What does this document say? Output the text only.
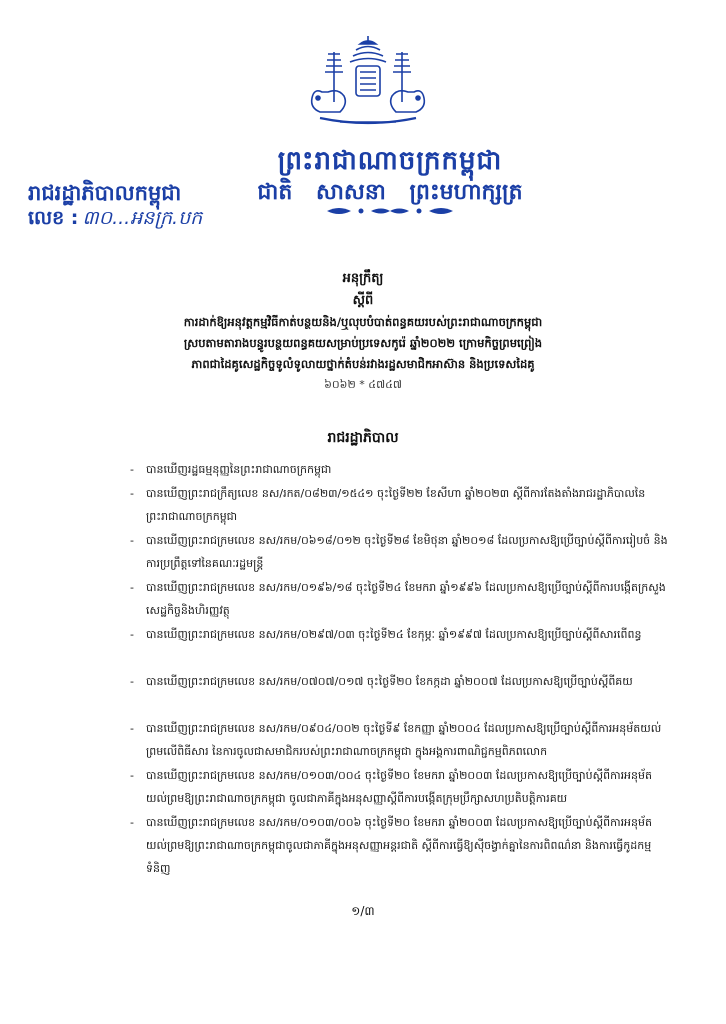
ព្រះរាជាណាចក្រកម្ពុជា
ជាតិ សាសនា ព្រះមហាក្សត្រ
រាជរដ្ឋាភិបាលកម្ពុជា
លេខ : ៣០...អនក្រ.បក
អនុក្រឹត្យ
ស្តីពី
ការដាក់ឱ្យអនុវត្តកម្មវិធីកាត់បន្ថយនិង/ឬលុបបំបាត់ពន្ធគយរបស់ព្រះរាជាណាចក្រកម្ពុជា
ស្របតាមតារាងបន្ធូរបន្ថយពន្ធគយសម្រាប់ប្រទេសកូរ៉េ ឆ្នាំ២០២២ ក្រោមកិច្ចព្រមព្រៀង
ភាពជាដៃគូសេដ្ឋកិច្ចទូលំទូលាយថ្នាក់តំបន់រវាងរដ្ឋសមាជិកអាស៊ាន និងប្រទេសដៃគូ
៦០៦២ * ៤៧៤៧
រាជរដ្ឋាភិបាល
- បានឃើញរដ្ឋធម្មនុញ្ញនៃព្រះរាជាណាចក្រកម្ពុជា
- បានឃើញព្រះរាជក្រឹត្យលេខ នស/រកត/០៨២៣/១៥៤១ ចុះថ្ងៃទី២២ ខែសីហា ឆ្នាំ២០២៣ ស្តីពីការតែងតាំងរាជរដ្ឋាភិបាលនៃព្រះរាជាណាចក្រកម្ពុជា
- បានឃើញព្រះរាជក្រមលេខ នស/រកម/០៦១៨/០១២ ចុះថ្ងៃទី២៨ ខែមិថុនា ឆ្នាំ២០១៨ ដែលប្រកាសឱ្យប្រើច្បាប់ស្តីពីការរៀបចំ និងការប្រព្រឹត្តទៅនៃគណៈរដ្ឋមន្ត្រី
- បានឃើញព្រះរាជក្រមលេខ នស/រកម/០១៩៦/១៨ ចុះថ្ងៃទី២៤ ខែមករា ឆ្នាំ១៩៩៦ ដែលប្រកាសឱ្យប្រើច្បាប់ស្តីពីការបង្កើតក្រសួងសេដ្ឋកិច្ចនិងហិរញ្ញវត្ថុ
- បានឃើញព្រះរាជក្រមលេខ នស/រកម/០២៩៧/០៣ ចុះថ្ងៃទី២៤ ខែកុម្ភៈ ឆ្នាំ១៩៩៧ ដែលប្រកាសឱ្យប្រើច្បាប់ស្តីពីសារពើពន្ធ
- បានឃើញព្រះរាជក្រមលេខ នស/រកម/០៧០៧/០១៧ ចុះថ្ងៃទី២០ ខែកក្កដា ឆ្នាំ២០០៧ ដែលប្រកាសឱ្យប្រើច្បាប់ស្តីពីគយ
- បានឃើញព្រះរាជក្រមលេខ នស/រកម/០៩០៤/០០២ ចុះថ្ងៃទី៩ ខែកញ្ញា ឆ្នាំ២០០៤ ដែលប្រកាសឱ្យប្រើច្បាប់ស្តីពីការអនុម័តយល់ព្រមលើពិធីសារ នៃការចូលជាសមាជិករបស់ព្រះរាជាណាចក្រកម្ពុជា ក្នុងអង្គការពាណិជ្ជកម្មពិភពលោក
- បានឃើញព្រះរាជក្រមលេខ នស/រកម/០១០៣/០០៤ ចុះថ្ងៃទី២០ ខែមករា ឆ្នាំ២០០៣ ដែលប្រកាសឱ្យប្រើច្បាប់ស្តីពីការអនុម័តយល់ព្រមឱ្យព្រះរាជាណាចក្រកម្ពុជា ចូលជាភាគីក្នុងអនុសញ្ញាស្តីពីការបង្កើតក្រុមប្រឹក្សាសហប្រតិបត្តិការគយ
- បានឃើញព្រះរាជក្រមលេខ នស/រកម/០១០៣/០០៦ ចុះថ្ងៃទី២០ ខែមករា ឆ្នាំ២០០៣ ដែលប្រកាសឱ្យប្រើច្បាប់ស្តីពីការអនុម័តយល់ព្រមឱ្យព្រះរាជាណាចក្រកម្ពុជាចូលជាភាគីក្នុងអនុសញ្ញាអន្តរជាតិ ស្តីពីការធ្វើឱ្យស៊ីចង្វាក់គ្នានៃការពិពណ៌នា និងការធ្វើកូដកម្មទំនិញ
១/៣
